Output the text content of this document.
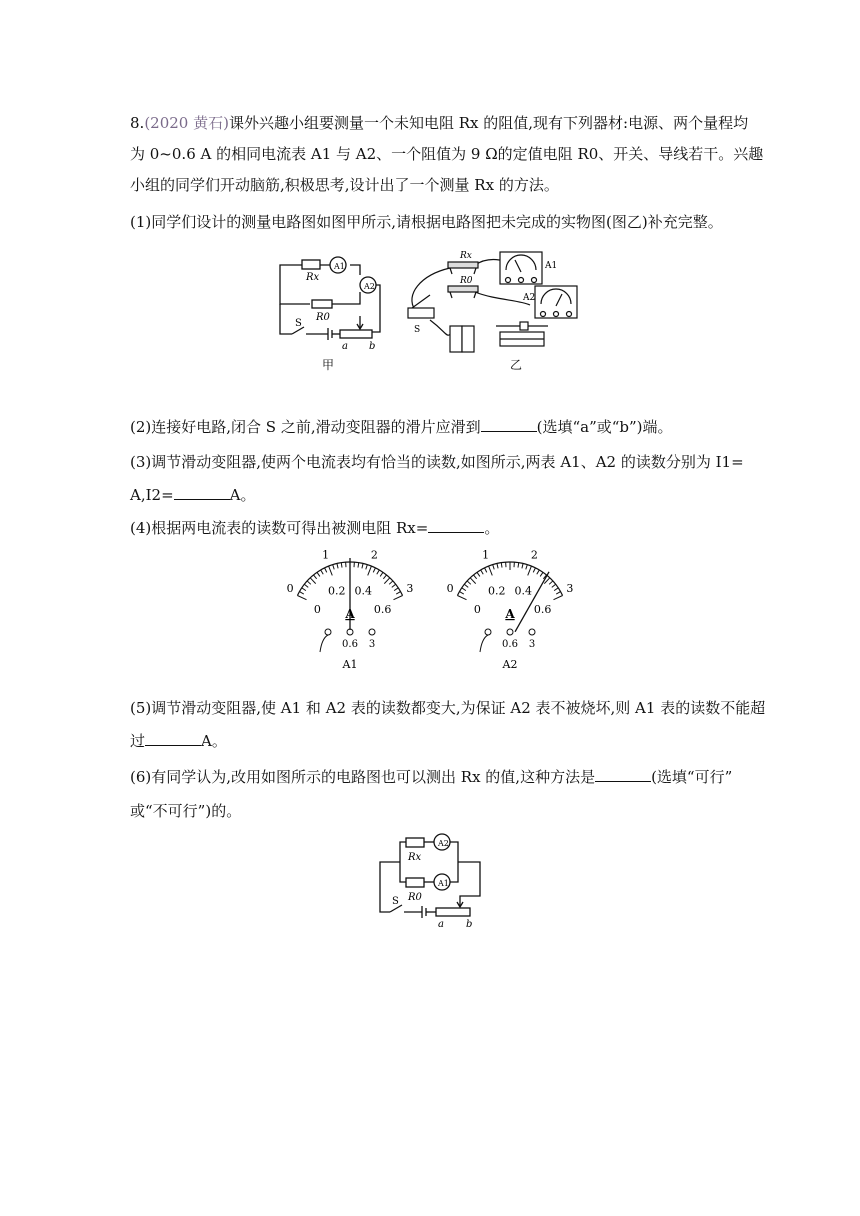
8.(2020 黄石)课外兴趣小组要测量一个未知电阻 Rx 的阻值,现有下列器材:电源、两个量程均
为 0~0.6 A 的相同电流表 A1 与 A2、一个阻值为 9 Ω的定值电阻 R0、开关、导线若干。兴趣
小组的同学们开动脑筋,积极思考,设计出了一个测量 Rx 的方法。
(1)同学们设计的测量电路图如图甲所示,请根据电路图把未完成的实物图(图乙)补充完整。
Rx
A1
A2
R0
S
a b
甲
Rx
R0
A1
A2
S
乙
(2)连接好电路,闭合 S 之前,滑动变阻器的滑片应滑到	(选填“a”或“b”)端。
(3)调节滑动变阻器,使两个电流表均有恰当的读数,如图所示,两表 A1、A2 的读数分别为 I1=
A,I2=	A。
(4)根据两电流表的读数可得出被测电阻 Rx=	。
0
1	2
3
0
0.2 0.4
0.6
A
0.6 3
A1
0
1	2
3
0
0.2 0.4
0.6
A
0.6 3
A2
(5)调节滑动变阻器,使 A1 和 A2 表的读数都变大,为保证 A2 表不被烧坏,则 A1 表的读数不能超
过	A。
(6)有同学认为,改用如图所示的电路图也可以测出 Rx 的值,这种方法是	(选填“可行”
或“不可行”)的。
Rx
A2
R0
A1
S
a b
